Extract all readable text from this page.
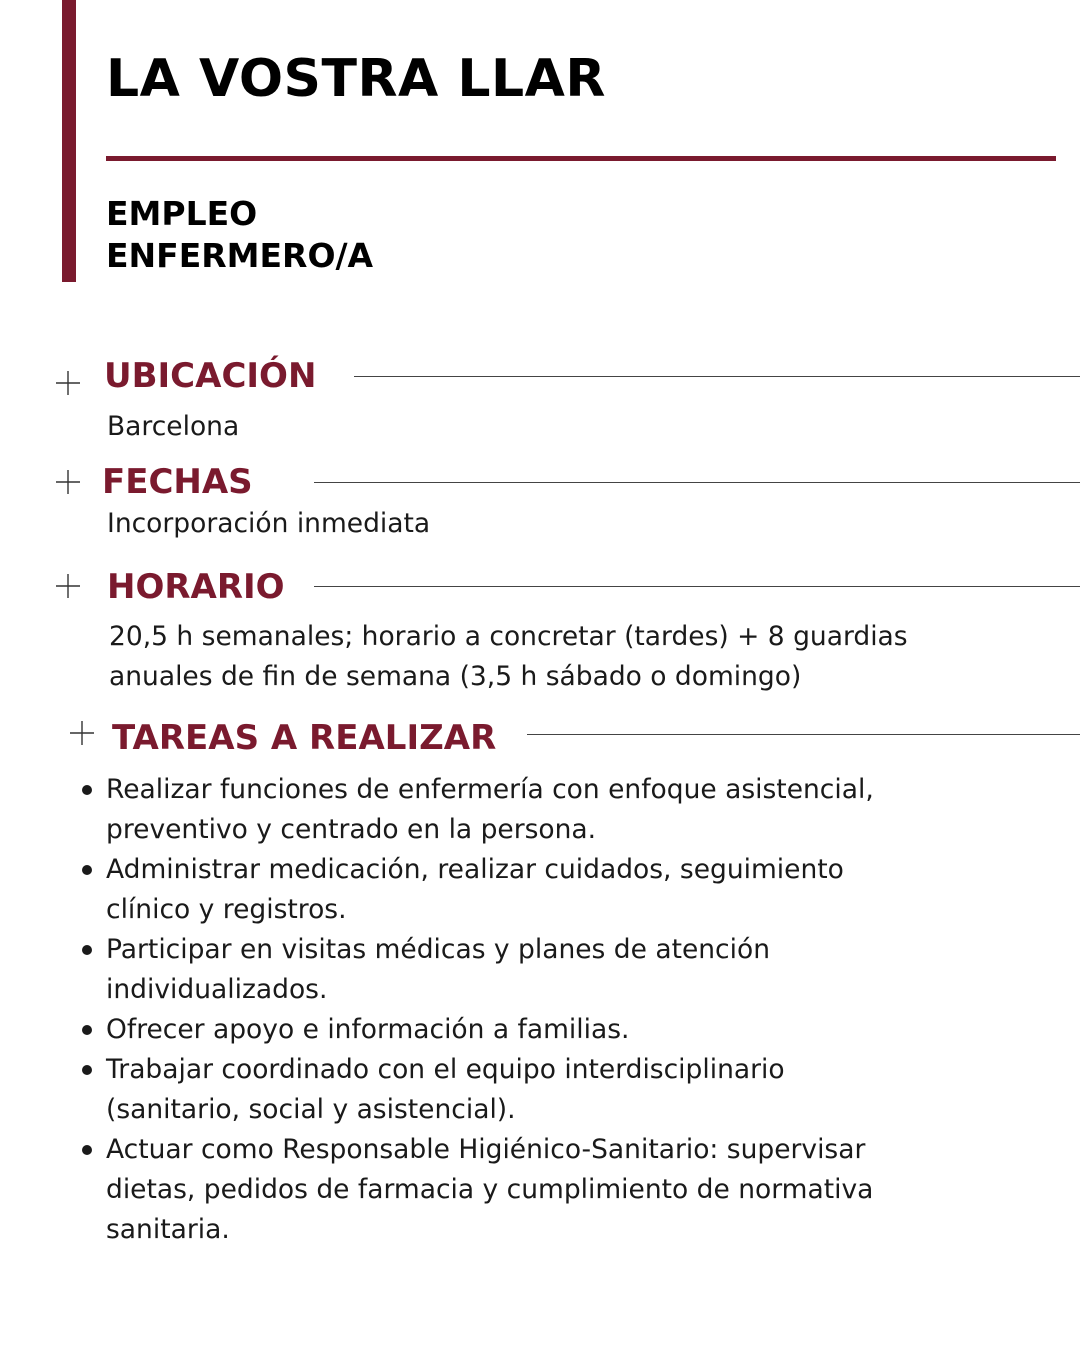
LA VOSTRA LLAR

EMPLEO

ENFERMERO/A

UBICACIÓN

Barcelona

FECHAS

Incorporación inmediata

HORARIO

20,5 h semanales; horario a concretar (tardes) + 8 guardias

anuales de fin de semana (3,5 h sábado o domingo)

TAREAS A REALIZAR
Realizar funciones de enfermería con enfoque asistencial,
preventivo y centrado en la persona.
Administrar medicación, realizar cuidados, seguimiento
clínico y registros.
Participar en visitas médicas y planes de atención
individualizados.
Ofrecer apoyo e información a familias.
Trabajar coordinado con el equipo interdisciplinario
(sanitario, social y asistencial).
Actuar como Responsable Higiénico-Sanitario: supervisar
dietas, pedidos de farmacia y cumplimiento de normativa
sanitaria.
